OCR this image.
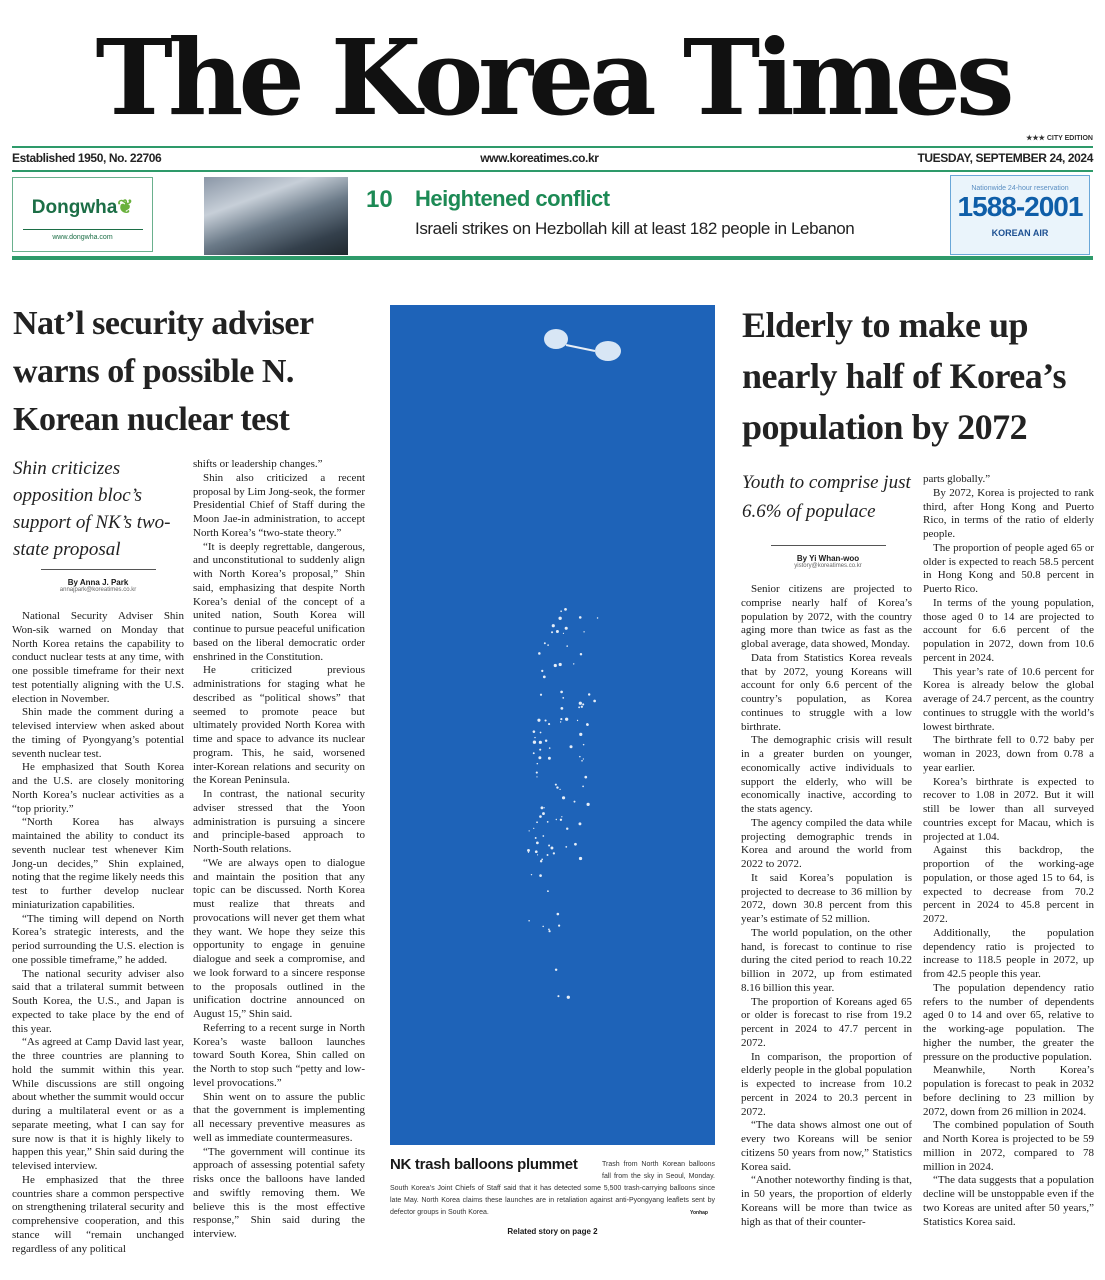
The Korea Times	★★★ CITY EDITION
Established 1950, No. 22706	www.koreatimes.co.kr	TUESDAY, SEPTEMBER 24, 2024
Dongwha❦
www.dongwha.com
10 Heightened conflict
Israeli strikes on Hezbollah kill at least 182 people in Lebanon
Nationwide 24-hour reservation
1588-2001
KOREAN AIR
Nat’l security adviser warns of possible N. Korean nuclear test
Shin criticizes opposition bloc’s support of NK’s two-state proposal
By Anna J. Park
annajpark@koreatimes.co.kr

National Security Adviser Shin Won-sik warned on Monday that North Korea retains the capability to conduct nuclear tests at any time, with one possible timeframe for their next test potentially aligning with the U.S. election in November.

Shin made the comment during a televised interview when asked about the timing of Pyongyang’s potential seventh nuclear test.

He emphasized that South Korea and the U.S. are closely monitoring North Korea’s nuclear activities as a “top priority.”

“North Korea has always maintained the ability to conduct its seventh nuclear test whenever Kim Jong-un decides,” Shin explained, noting that the regime likely needs this test to further develop nuclear miniaturization capabilities.

“The timing will depend on North Korea’s strategic interests, and the period surrounding the U.S. election is one possible timeframe,” he added.

The national security adviser also said that a trilateral summit between South Korea, the U.S., and Japan is expected to take place by the end of this year.

“As agreed at Camp David last year, the three countries are planning to hold the summit within this year. While discussions are still ongoing about whether the summit would occur during a multilateral event or as a separate meeting, what I can say for sure now is that it is highly likely to happen this year,” Shin said during the televised interview.

He emphasized that the three countries share a common perspective on strengthening trilateral security and comprehensive cooperation, and this stance will “remain unchanged regardless of any political

shifts or leadership changes.”

Shin also criticized a recent proposal by Lim Jong-seok, the former Presidential Chief of Staff during the Moon Jae-in administration, to accept North Korea’s “two-state theory.”

“It is deeply regrettable, dangerous, and unconstitutional to suddenly align with North Korea’s proposal,” Shin said, emphasizing that despite North Korea’s denial of the concept of a united nation, South Korea will continue to pursue peaceful unification based on the liberal democratic order enshrined in the Constitution.

He criticized previous administrations for staging what he described as “political shows” that seemed to promote peace but ultimately provided North Korea with time and space to advance its nuclear program. This, he said, worsened inter-Korean relations and security on the Korean Peninsula.

In contrast, the national security adviser stressed that the Yoon administration is pursuing a sincere and principle-based approach to North-South relations.

“We are always open to dialogue and maintain the position that any topic can be discussed. North Korea must realize that threats and provocations will never get them what they want. We hope they seize this opportunity to engage in genuine dialogue and seek a compromise, and we look forward to a sincere response to the proposals outlined in the unification doctrine announced on August 15,” Shin said.

Referring to a recent surge in North Korea’s waste balloon launches toward South Korea, Shin called on the North to stop such “petty and low-level provocations.”

Shin went on to assure the public that the government is implementing all necessary preventive measures as well as immediate countermeasures.

“The government will continue its approach of assessing potential safety risks once the balloons have landed and swiftly removing them. We believe this is the most effective response,” Shin said during the interview.

NK trash balloons plummet	Trash from North Korean balloons fall from the sky in Seoul, Monday. South Korea’s Joint Chiefs of Staff said that it has detected some 5,500 trash-carrying balloons since late May. North Korea claims these launches are in retaliation against anti-Pyongyang leaflets sent by defector groups in South Korea.	Yonhap
Related story on page 2
Elderly to make up nearly half of Korea’s population by 2072
Youth to comprise just 6.6% of populace
By Yi Whan-woo
yistory@koreatimes.co.kr

Senior citizens are projected to comprise nearly half of Korea’s population by 2072, with the country aging more than twice as fast as the global average, data showed, Monday.

Data from Statistics Korea reveals that by 2072, young Koreans will account for only 6.6 percent of the country’s population, as Korea continues to struggle with a low birthrate.

The demographic crisis will result in a greater burden on younger, economically active individuals to support the elderly, who will be economically inactive, according to the stats agency.

The agency compiled the data while projecting demographic trends in Korea and around the world from 2022 to 2072.

It said Korea’s population is projected to decrease to 36 million by 2072, down 30.8 percent from this year’s estimate of 52 million.

The world population, on the other hand, is forecast to continue to rise during the cited period to reach 10.22 billion in 2072, up from estimated 8.16 billion this year.

The proportion of Koreans aged 65 or older is forecast to rise from 19.2 percent in 2024 to 47.7 percent in 2072.

In comparison, the proportion of elderly people in the global population is expected to increase from 10.2 percent in 2024 to 20.3 percent in 2072.

“The data shows almost one out of every two Koreans will be senior citizens 50 years from now,” Statistics Korea said.

“Another noteworthy finding is that, in 50 years, the proportion of elderly Koreans will be more than twice as high as that of their counter-

parts globally.”

By 2072, Korea is projected to rank third, after Hong Kong and Puerto Rico, in terms of the ratio of elderly people.

The proportion of people aged 65 or older is expected to reach 58.5 percent in Hong Kong and 50.8 percent in Puerto Rico.

In terms of the young population, those aged 0 to 14 are projected to account for 6.6 percent of the population in 2072, down from 10.6 percent in 2024.

This year’s rate of 10.6 percent for Korea is already below the global average of 24.7 percent, as the country continues to struggle with the world’s lowest birthrate.

The birthrate fell to 0.72 baby per woman in 2023, down from 0.78 a year earlier.

Korea’s birthrate is expected to recover to 1.08 in 2072. But it will still be lower than all surveyed countries except for Macau, which is projected at 1.04.

Against this backdrop, the proportion of the working-age population, or those aged 15 to 64, is expected to decrease from 70.2 percent in 2024 to 45.8 percent in 2072.

Additionally, the population dependency ratio is projected to increase to 118.5 people in 2072, up from 42.5 people this year.

The population dependency ratio refers to the number of dependents aged 0 to 14 and over 65, relative to the working-age population. The higher the number, the greater the pressure on the productive population.

Meanwhile, North Korea’s population is forecast to peak in 2032 before declining to 23 million by 2072, down from 26 million in 2024.

The combined population of South and North Korea is projected to be 59 million in 2072, compared to 78 million in 2024.

“The data suggests that a population decline will be unstoppable even if the two Koreas are united after 50 years,” Statistics Korea said.
